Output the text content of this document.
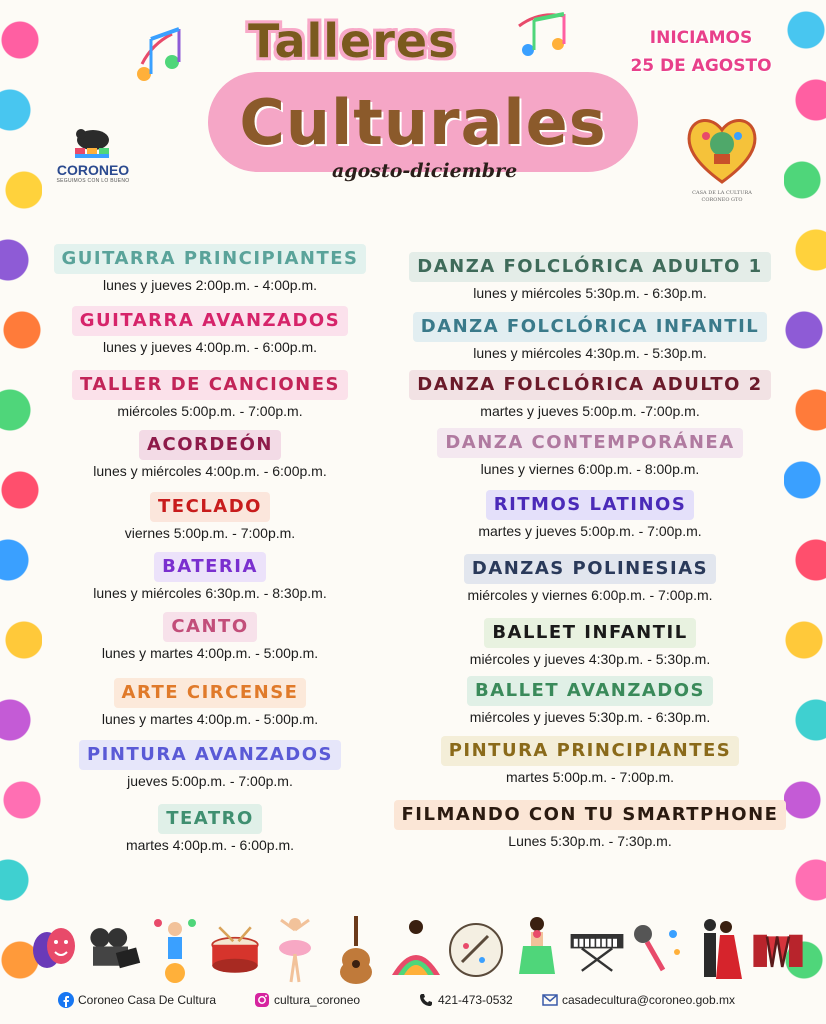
Talleres
Culturales
agosto-diciembre
INICIAMOS
25 DE AGOSTO
CORONEO
SEGUIMOS CON LO BUENO
CASA DE LA CULTURA CORONEO GTO
GUITARRA PRINCIPIANTES
lunes y jueves 2:00p.m. - 4:00p.m.
GUITARRA AVANZADOS
lunes y jueves 4:00p.m. - 6:00p.m.
TALLER DE CANCIONES
miércoles 5:00p.m. - 7:00p.m.
ACORDEÓN
lunes y miércoles 4:00p.m. - 6:00p.m.
TECLADO
viernes 5:00p.m. - 7:00p.m.
BATERIA
lunes y miércoles 6:30p.m. - 8:30p.m.
CANTO
lunes y martes 4:00p.m. - 5:00p.m.
ARTE CIRCENSE
lunes y martes 4:00p.m. - 5:00p.m.
PINTURA AVANZADOS
jueves 5:00p.m. - 7:00p.m.
TEATRO
martes 4:00p.m. - 6:00p.m.
DANZA FOLCLÓRICA ADULTO 1
lunes y miércoles 5:30p.m. - 6:30p.m.
DANZA FOLCLÓRICA INFANTIL
lunes y miércoles 4:30p.m. - 5:30p.m.
DANZA FOLCLÓRICA ADULTO 2
martes y jueves 5:00p.m. -7:00p.m.
DANZA CONTEMPORÁNEA
lunes y viernes 6:00p.m. - 8:00p.m.
RITMOS LATINOS
martes y jueves 5:00p.m. - 7:00p.m.
DANZAS POLINESIAS
miércoles y viernes 6:00p.m. - 7:00p.m.
BALLET INFANTIL
miércoles y jueves 4:30p.m. - 5:30p.m.
BALLET AVANZADOS
miércoles y jueves 5:30p.m. - 6:30p.m.
PINTURA PRINCIPIANTES
martes 5:00p.m. - 7:00p.m.
FILMANDO CON TU SMARTPHONE
Lunes 5:30p.m. - 7:30p.m.
Coroneo Casa De Cultura	cultura_coroneo	421-473-0532	casadecultura@coroneo.gob.mx
